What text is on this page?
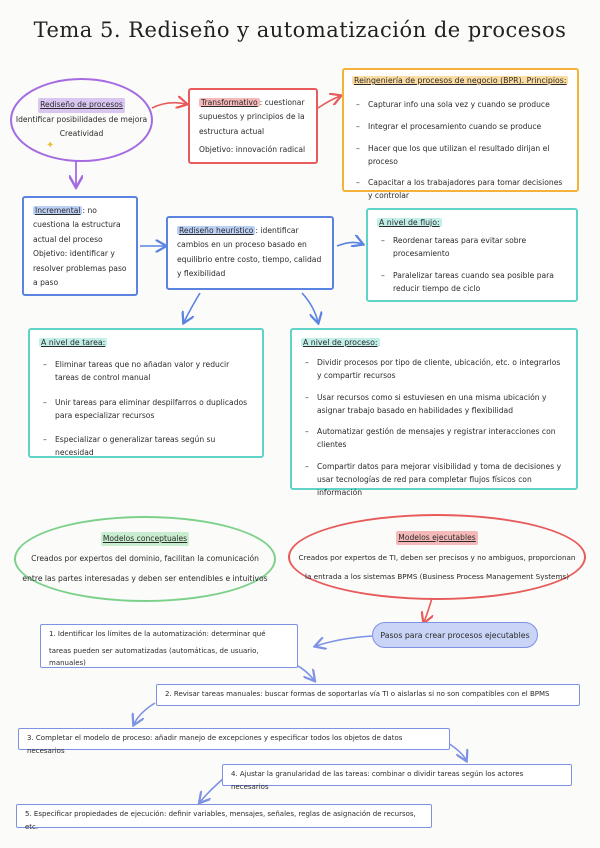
Tema 5. Rediseño y automatización de procesos
Rediseño de procesos
Identificar posibilidades de mejora
Creatividad
✦

Transformativo : cuestionar supuestos y principios de la estructura actual

Objetivo: innovación radical

Reingeniería de procesos de negocio (BPR). Principios:

– Capturar info una sola vez y cuando se produce
– Integrar el procesamiento cuando se produce
– Hacer que los que utilizan el resultado dirijan el proceso
– Capacitar a los trabajadores para tomar decisiones y controlar

Incremental : no cuestiona la estructura actual del proceso

Objetivo: identificar y resolver problemas paso a paso

Rediseño heurístico : identificar cambios en un proceso basado en equilibrio entre costo, tiempo, calidad y flexibilidad

A nivel de flujo:

– Reordenar tareas para evitar sobre procesamiento
– Paralelizar tareas cuando sea posible para reducir tiempo de ciclo

A nivel de tarea:

– Eliminar tareas que no añadan valor y reducir tareas de control manual
– Unir tareas para eliminar despilfarros o duplicados para especializar recursos
– Especializar o generalizar tareas según su necesidad

A nivel de proceso:

– Dividir procesos por tipo de cliente, ubicación, etc. o integrarlos y compartir recursos
– Usar recursos como si estuviesen en una misma ubicación y asignar trabajo basado en habilidades y flexibilidad
– Automatizar gestión de mensajes y registrar interacciones con clientes
– Compartir datos para mejorar visibilidad y toma de decisiones y usar tecnologías de red para completar flujos físicos con información
Modelos conceptuales
Creados por expertos del dominio, facilitan la comunicación
entre las partes interesadas y deben ser entendibles e intuitivos
Modelos ejecutables
Creados por expertos de TI, deben ser precisos y no ambiguos, proporcionan
la entrada a los sistemas BPMS (Business Process Management Systems)
Pasos para crear procesos ejecutables
1. Identificar los límites de la automatización: determinar qué
tareas pueden ser automatizadas (automáticas, de usuario, manuales)
2. Revisar tareas manuales: buscar formas de soportarlas vía TI o aislarlas si no son compatibles con el BPMS
3. Completar el modelo de proceso: añadir manejo de excepciones y especificar todos los objetos de datos necesarios
4. Ajustar la granularidad de las tareas: combinar o dividir tareas según los actores necesarios
5. Especificar propiedades de ejecución: definir variables, mensajes, señales, reglas de asignación de recursos, etc.
